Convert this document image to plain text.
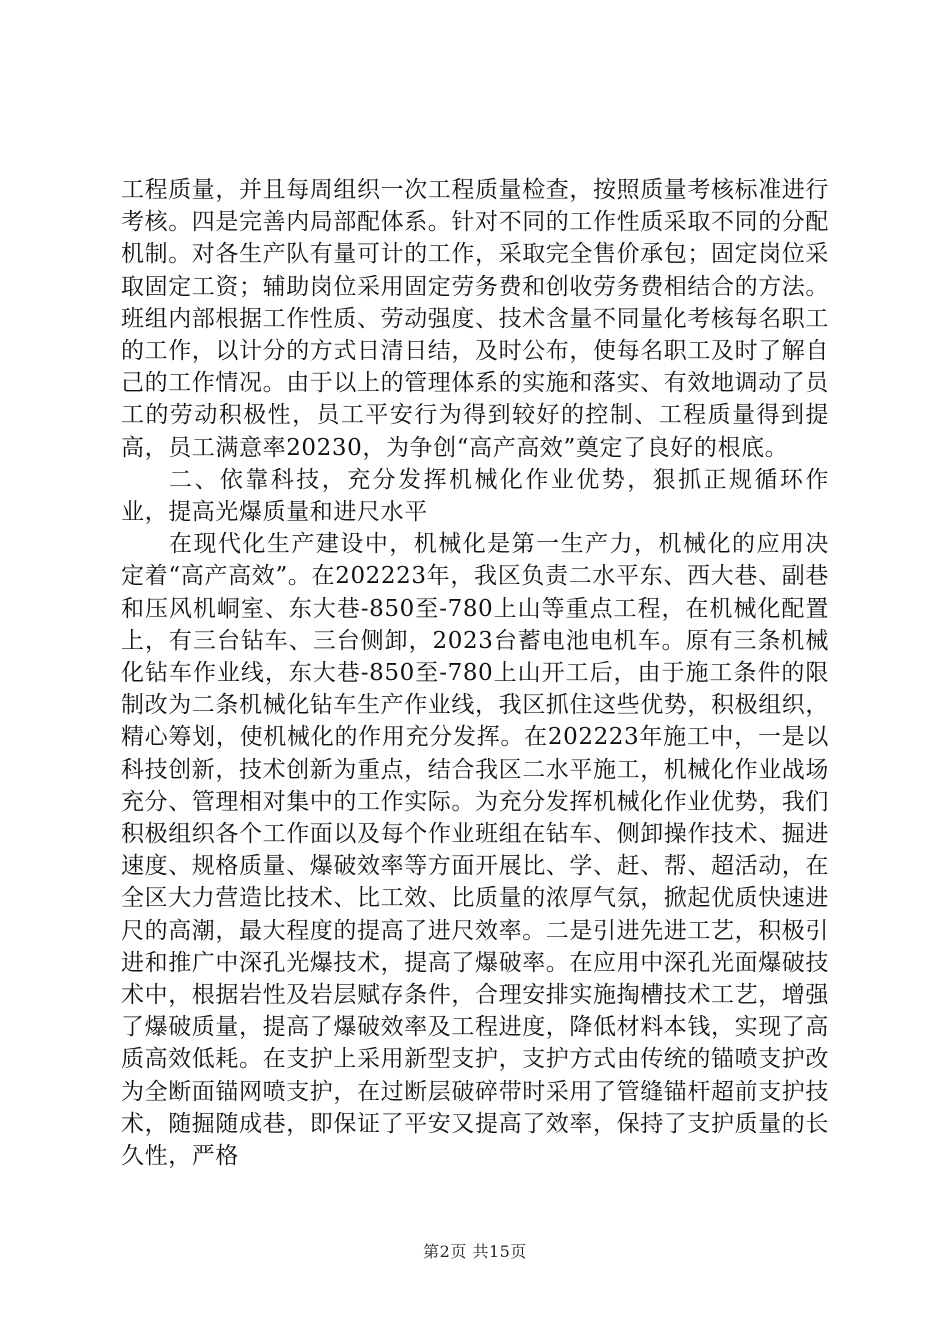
工程质量，并且每周组织一次工程质量检查，按照质量考核标准进行考核。四是完善内局部配体系。针对不同的工作性质采取不同的分配机制。对各生产队有量可计的工作，采取完全售价承包；固定岗位采取固定工资；辅助岗位采用固定劳务费和创收劳务费相结合的方法。班组内部根据工作性质、劳动强度、技术含量不同量化考核每名职工的工作，以计分的方式日清日结，及时公布，使每名职工及时了解自己的工作情况。由于以上的管理体系的实施和落实、有效地调动了员工的劳动积极性，员工平安行为得到较好的控制、工程质量得到提高，员工满意率20230，为争创“高产高效”奠定了良好的根底。

二、依靠科技，充分发挥机械化作业优势，狠抓正规循环作业，提高光爆质量和进尺水平

在现代化生产建设中，机械化是第一生产力，机械化的应用决定着“高产高效”。在202223年，我区负责二水平东、西大巷、副巷和压风机峒室、东大巷-850至-780上山等重点工程，在机械化配置上，有三台钻车、三台侧卸，2023台蓄电池电机车。原有三条机械化钻车作业线，东大巷-850至-780上山开工后，由于施工条件的限制改为二条机械化钻车生产作业线，我区抓住这些优势，积极组织，精心筹划，使机械化的作用充分发挥。在202223年施工中，一是以科技创新，技术创新为重点，结合我区二水平施工，机械化作业战场充分、管理相对集中的工作实际。为充分发挥机械化作业优势，我们积极组织各个工作面以及每个作业班组在钻车、侧卸操作技术、掘进速度、规格质量、爆破效率等方面开展比、学、赶、帮、超活动，在全区大力营造比技术、比工效、比质量的浓厚气氛，掀起优质快速进尺的高潮，最大程度的提高了进尺效率。二是引进先进工艺，积极引进和推广中深孔光爆技术，提高了爆破率。在应用中深孔光面爆破技术中，根据岩性及岩层赋存条件，合理安排实施掏槽技术工艺，增强了爆破质量，提高了爆破效率及工程进度，降低材料本钱，实现了高质高效低耗。在支护上采用新型支护，支护方式由传统的锚喷支护改为全断面锚网喷支护，在过断层破碎带时采用了管缝锚杆超前支护技术，随掘随成巷，即保证了平安又提高了效率，保持了支护质量的长久性，严格

第2页 共15页
